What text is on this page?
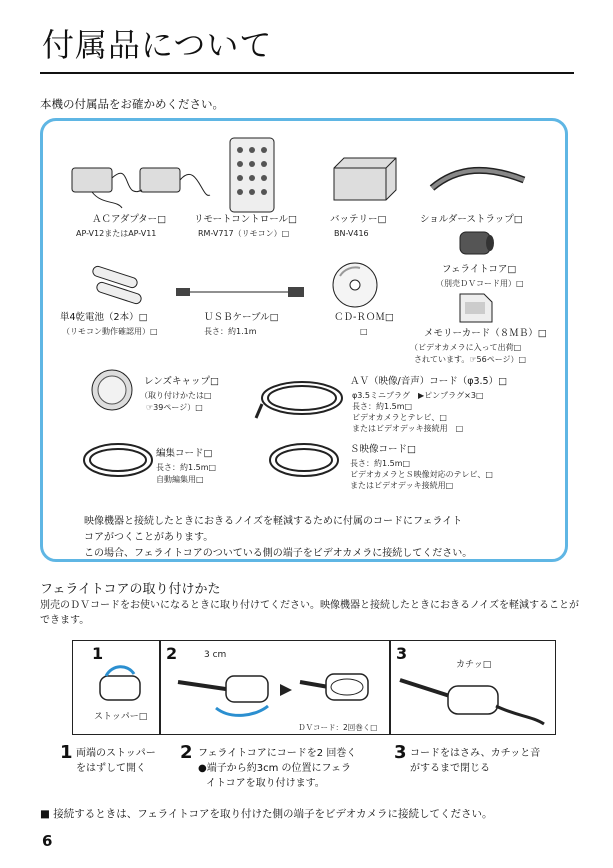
付属品について
本機の付属品をお確かめください。
ＡＣアダプター□
AP-V12またはAP-V11
リモートコントロール□
RM-V717（リモコン）□
バッテリー□
BN-V416
ショルダーストラップ□
フェライトコア□
（別売ＤＶコード用）□
単4乾電池（2本）□
（リモコン動作確認用）□
ＵＳＢケーブル□
長さ：約1.1m
ＣＤ-ＲＯＭ□
□	メモリーカード（８ＭＢ）□
（ビデオカメラに入って出荷□
されています。☞56ページ）□
レンズキャップ□
（取り付けかたは□
☞39ページ）□
ＡＶ（映像/音声）コード（φ3.5）□
φ3.5ミニプラグ　▶ピンプラグ×3□
長さ：約1.5m□
ビデオカメラとテレビ、□
またはビデオデッキ接続用　□
編集コード□
長さ：約1.5m□
自動編集用□
Ｓ映像コード□
長さ：約1.5m□
ビデオカメラとＳ映像対応のテレビ、□
またはビデオデッキ接続用□
映像機器と接続したときにおきるノイズを軽減するために付属のコードにフェライト
コアがつくことがあります。
この場合、フェライトコアのついている側の端子をビデオカメラに接続してください。
フェライトコアの取り付けかた
別売のＤＶコードをお使いになるときに取り付けてください。映像機器と接続したときにおきるノイズを軽減することができます。
1	2	3
ストッパー□
3 cm
ＤＶコード：2回巻く□
カチッ□
1 両端のストッパー
をはずして開く
2 フェライトコアにコードを2 回巻く
●端子から約3cm の位置にフェラ
イトコアを取り付けます。
3 コードをはさみ、カチッと音
がするまで閉じる
■ 接続するときは、フェライトコアを取り付けた側の端子をビデオカメラに接続してください。
6
